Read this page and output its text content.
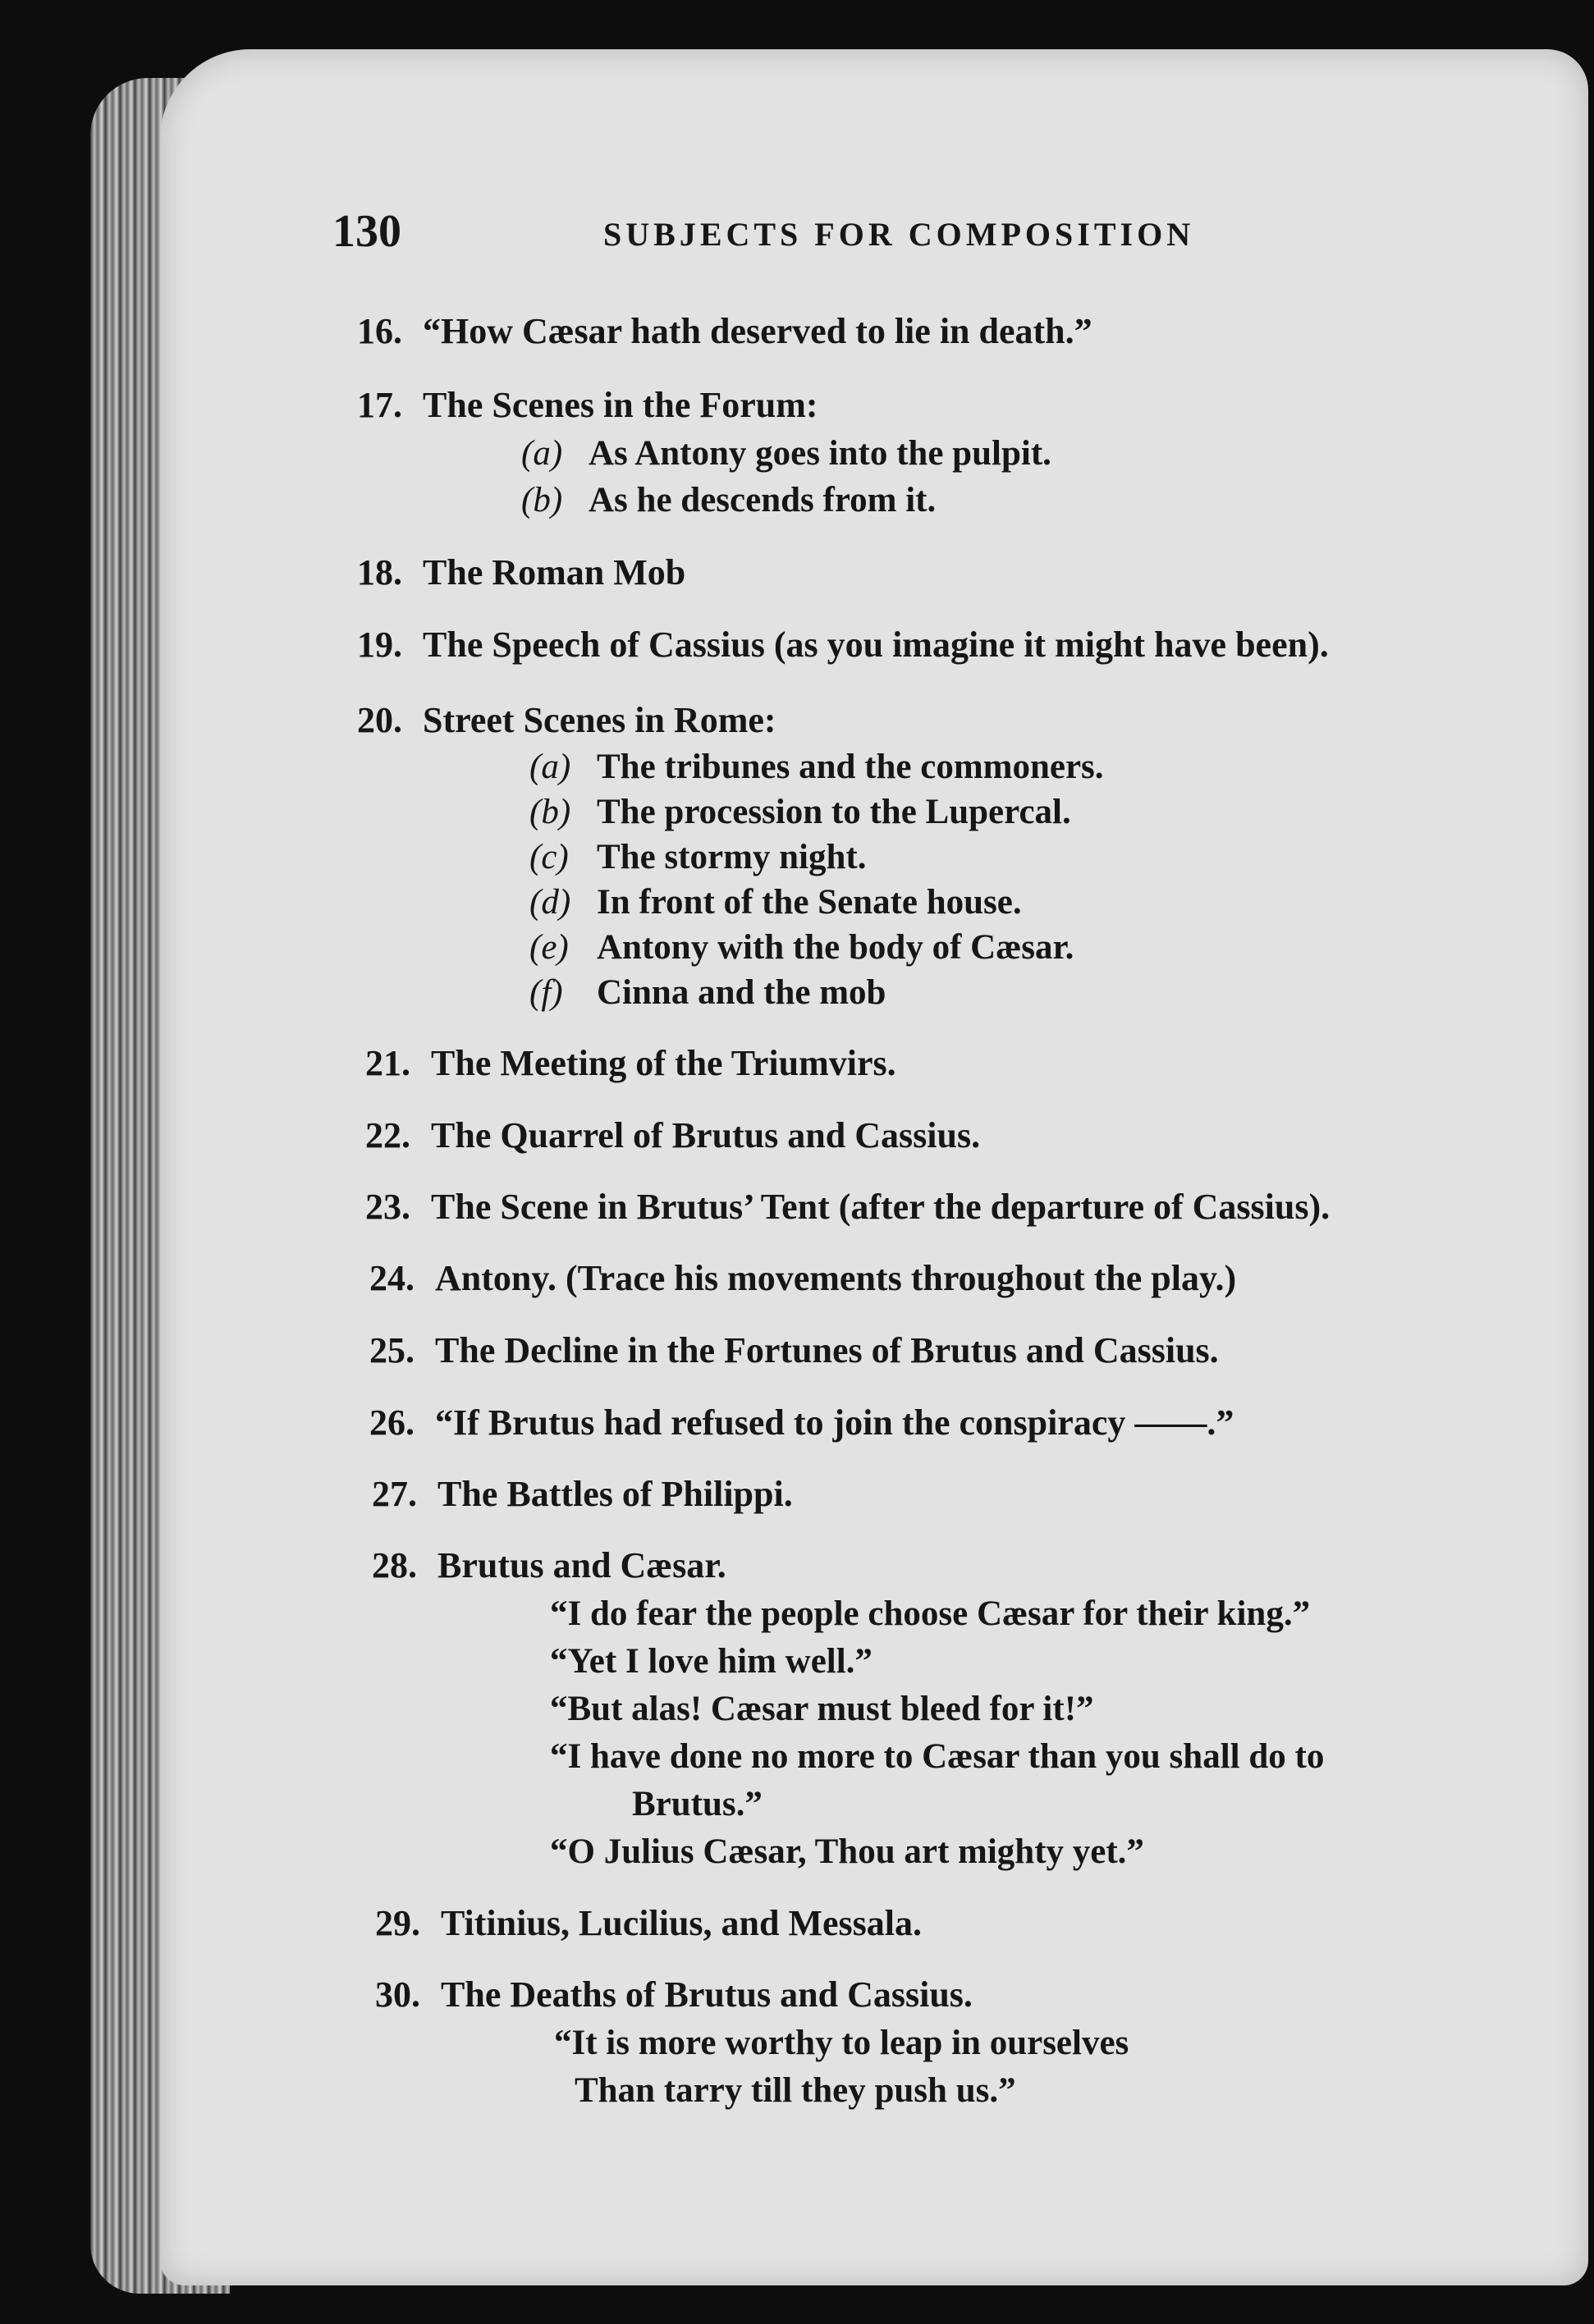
130	SUBJECTS FOR COMPOSITION
16. “How Cæsar hath deserved to lie in death.”
17. The Scenes in the Forum:
(a) As Antony goes into the pulpit.
(b) As he descends from it.
18. The Roman Mob
19. The Speech of Cassius (as you imagine it might have been).
20. Street Scenes in Rome:
(a) The tribunes and the commoners.
(b) The procession to the Lupercal.
(c) The stormy night.
(d) In front of the Senate house.
(e) Antony with the body of Cæsar.
(f) Cinna and the mob
21. The Meeting of the Triumvirs.
22. The Quarrel of Brutus and Cassius.
23. The Scene in Brutus’ Tent (after the departure of Cassius).
24. Antony. (Trace his movements throughout the play.)
25. The Decline in the Fortunes of Brutus and Cassius.
26. “If Brutus had refused to join the conspiracy ——.”
27. The Battles of Philippi.
28. Brutus and Cæsar.
“I do fear the people choose Cæsar for their king.”
“Yet I love him well.”
“But alas! Cæsar must bleed for it!”
“I have done no more to Cæsar than you shall do to
Brutus.”
“O Julius Cæsar, Thou art mighty yet.”
29. Titinius, Lucilius, and Messala.
30. The Deaths of Brutus and Cassius.
“It is more worthy to leap in ourselves
Than tarry till they push us.”
